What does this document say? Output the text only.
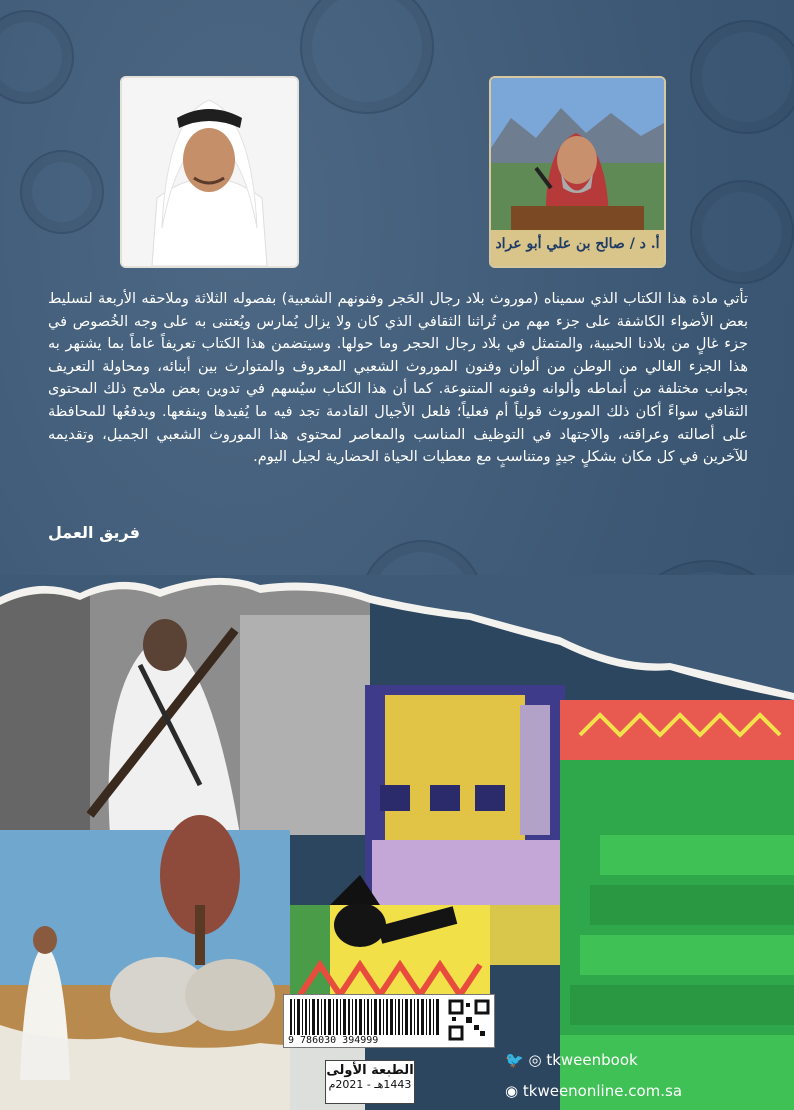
أ. د / صالح بن علي أبو عراد

تأتي مادة هذا الكتاب الذي سميناه (موروث بلاد رجال الحَجر وفنونهم الشعبية) بفصوله الثلاثة وملاحقه الأربعة لتسليط بعض الأضواء الكاشفة على جزء مهم من تُراثنا الثقافي الذي كان ولا يزال يُمارس ويُعتنى به على وجه الخُصوص في جزء غالٍ من بلادنا الحبيبة، والمتمثل في بلاد رجال الحجر وما حولها. وسيتضمن هذا الكتاب تعريفاً عاماً بما يشتهر به هذا الجزء الغالي من الوطن من ألوان وفنون الموروث الشعبي المعروف والمتوارث بين أبنائه، ومحاولة التعريف بجوانب مختلفة من أنماطه وألوانه وفنونه المتنوعة. كما أن هذا الكتاب سيُسهم في تدوين بعض ملامح ذلك المحتوى الثقافي سواءً أكان ذلك الموروث قولياً أم فعلياً؛ فلعل الأجيال القادمة تجد فيه ما يُفيدها وينفعها. ويدفعُها للمحافظة على أصالته وعراقته، والاجتهاد في التوظيف المناسب والمعاصر لمحتوى هذا الموروث الشعبي الجميل، وتقديمه للآخرين في كل مكان بشكلٍ جيدٍ ومتناسبٍ مع معطيات الحياة الحضارية لجيل اليوم.

فريق العمل
9 786030 394999
الطبعة الأولى
1443هـ - 2021م
🐦 ◎ tkweenbook
◉ tkweenonline.com.sa
